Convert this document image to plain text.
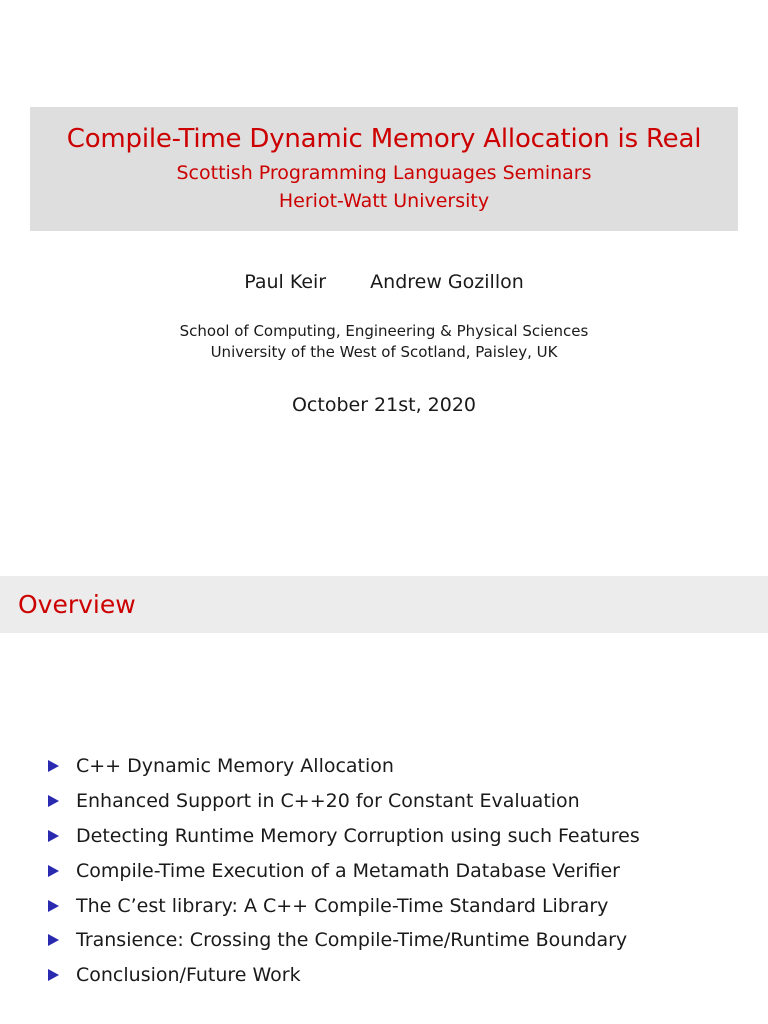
Compile-Time Dynamic Memory Allocation is Real
Scottish Programming Languages Seminars
Heriot-Watt University
Paul Keir Andrew Gozillon
School of Computing, Engineering & Physical Sciences
University of the West of Scotland, Paisley, UK
October 21st, 2020
Overview
C++ Dynamic Memory Allocation
Enhanced Support in C++20 for Constant Evaluation
Detecting Runtime Memory Corruption using such Features
Compile-Time Execution of a Metamath Database Verifier
The C’est library: A C++ Compile-Time Standard Library
Transience: Crossing the Compile-Time/Runtime Boundary
Conclusion/Future Work
